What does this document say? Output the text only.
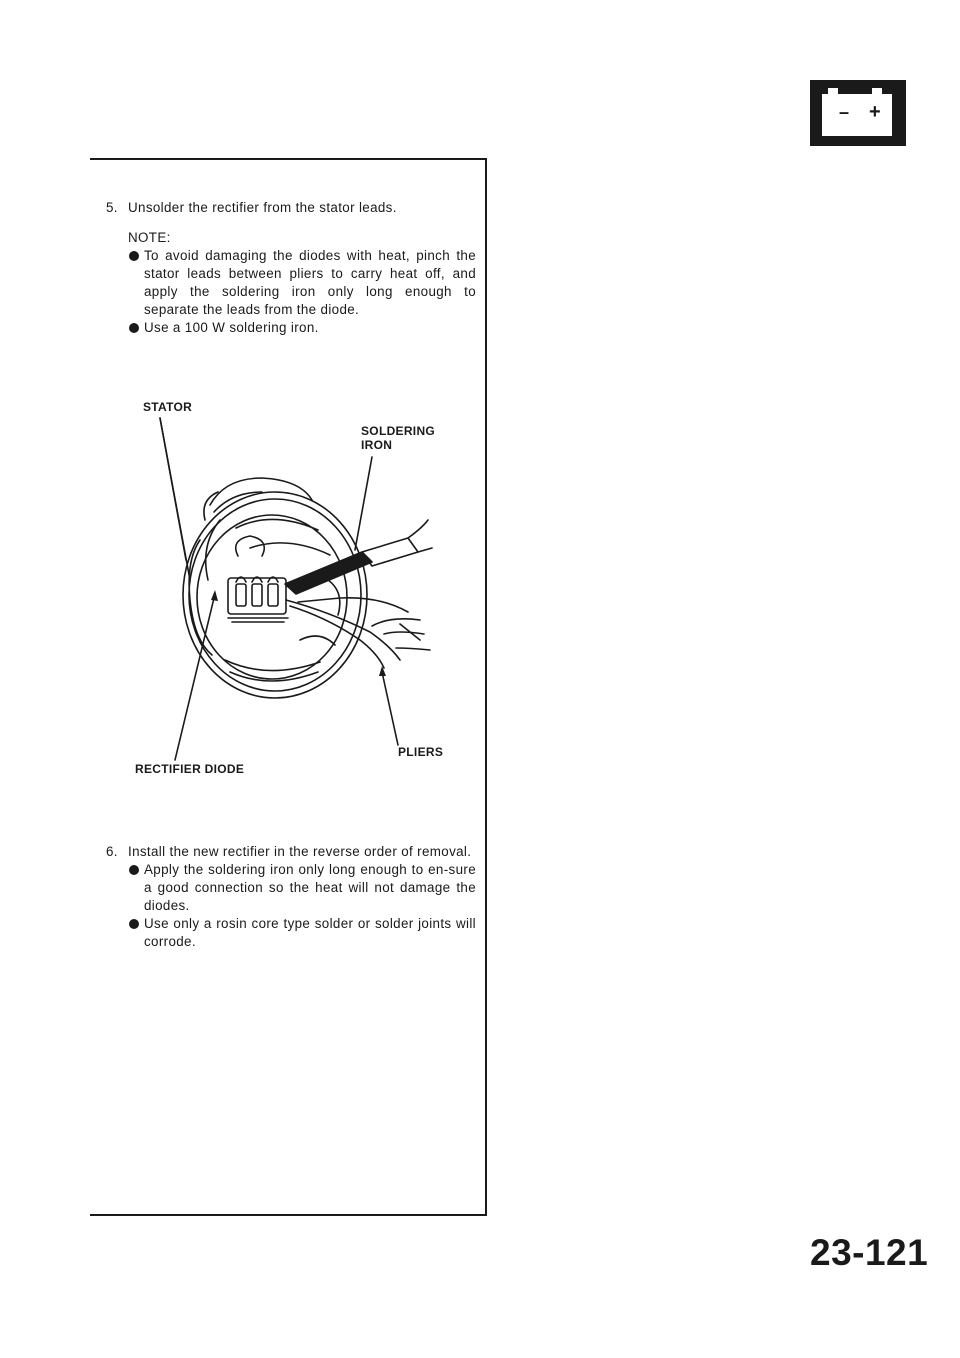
– +
5. Unsolder the rectifier from the stator leads.
NOTE:
To avoid damaging the diodes with heat, pinch the stator leads between pliers to carry heat off, and apply the soldering iron only long enough to separate the leads from the diode.
Use a 100 W soldering iron.
STATOR
SOLDERING
IRON
PLIERS
RECTIFIER DIODE
6. Install the new rectifier in the reverse order of removal.
Apply the soldering iron only long enough to en-sure a good connection so the heat will not damage the diodes.
Use only a rosin core type solder or solder joints will corrode.
23-121
